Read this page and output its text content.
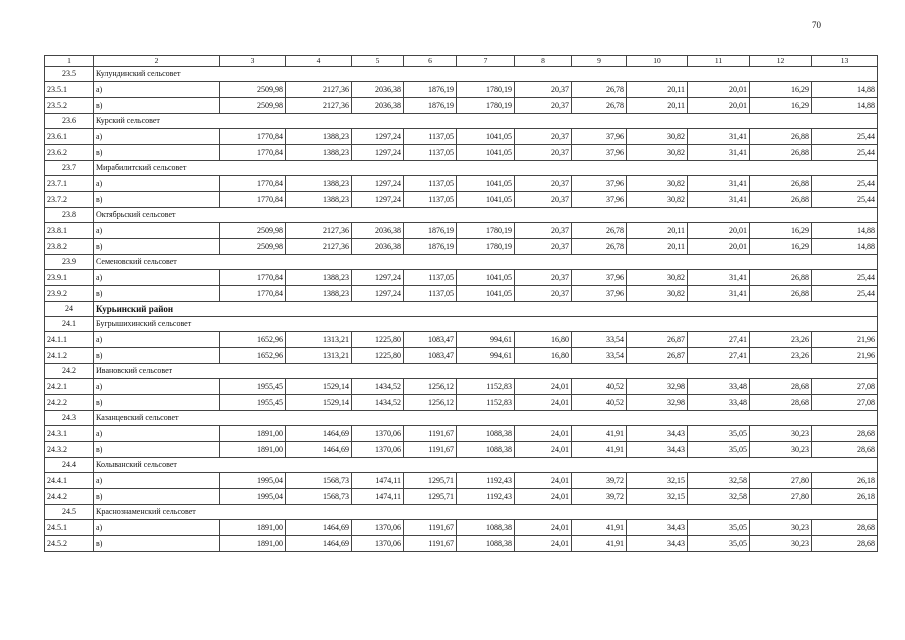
70
1	2	3	4	5	6	7	8	9	10	11	12	13
23.5	Кулундинский сельсовет											
23.5.1	а)	2509,98	2127,36	2036,38	1876,19	1780,19	20,37	26,78	20,11	20,01	16,29	14,88
23.5.2	в)	2509,98	2127,36	2036,38	1876,19	1780,19	20,37	26,78	20,11	20,01	16,29	14,88
23.6	Курский сельсовет											
23.6.1	а)	1770,84	1388,23	1297,24	1137,05	1041,05	20,37	37,96	30,82	31,41	26,88	25,44
23.6.2	в)	1770,84	1388,23	1297,24	1137,05	1041,05	20,37	37,96	30,82	31,41	26,88	25,44
23.7	Мирабилитский сельсовет											
23.7.1	а)	1770,84	1388,23	1297,24	1137,05	1041,05	20,37	37,96	30,82	31,41	26,88	25,44
23.7.2	в)	1770,84	1388,23	1297,24	1137,05	1041,05	20,37	37,96	30,82	31,41	26,88	25,44
23.8	Октябрьский сельсовет											
23.8.1	а)	2509,98	2127,36	2036,38	1876,19	1780,19	20,37	26,78	20,11	20,01	16,29	14,88
23.8.2	в)	2509,98	2127,36	2036,38	1876,19	1780,19	20,37	26,78	20,11	20,01	16,29	14,88
23.9	Семеновский сельсовет											
23.9.1	а)	1770,84	1388,23	1297,24	1137,05	1041,05	20,37	37,96	30,82	31,41	26,88	25,44
23.9.2	в)	1770,84	1388,23	1297,24	1137,05	1041,05	20,37	37,96	30,82	31,41	26,88	25,44
24	Курьинский район											
24.1	Бугрышихинский сельсовет											
24.1.1	а)	1652,96	1313,21	1225,80	1083,47	994,61	16,80	33,54	26,87	27,41	23,26	21,96
24.1.2	в)	1652,96	1313,21	1225,80	1083,47	994,61	16,80	33,54	26,87	27,41	23,26	21,96
24.2	Ивановский сельсовет											
24.2.1	а)	1955,45	1529,14	1434,52	1256,12	1152,83	24,01	40,52	32,98	33,48	28,68	27,08
24.2.2	в)	1955,45	1529,14	1434,52	1256,12	1152,83	24,01	40,52	32,98	33,48	28,68	27,08
24.3	Казанцевский сельсовет											
24.3.1	а)	1891,00	1464,69	1370,06	1191,67	1088,38	24,01	41,91	34,43	35,05	30,23	28,68
24.3.2	в)	1891,00	1464,69	1370,06	1191,67	1088,38	24,01	41,91	34,43	35,05	30,23	28,68
24.4	Колыванский сельсовет											
24.4.1	а)	1995,04	1568,73	1474,11	1295,71	1192,43	24,01	39,72	32,15	32,58	27,80	26,18
24.4.2	в)	1995,04	1568,73	1474,11	1295,71	1192,43	24,01	39,72	32,15	32,58	27,80	26,18
24.5	Краснознаменский сельсовет											
24.5.1	а)	1891,00	1464,69	1370,06	1191,67	1088,38	24,01	41,91	34,43	35,05	30,23	28,68
24.5.2	в)	1891,00	1464,69	1370,06	1191,67	1088,38	24,01	41,91	34,43	35,05	30,23	28,68
